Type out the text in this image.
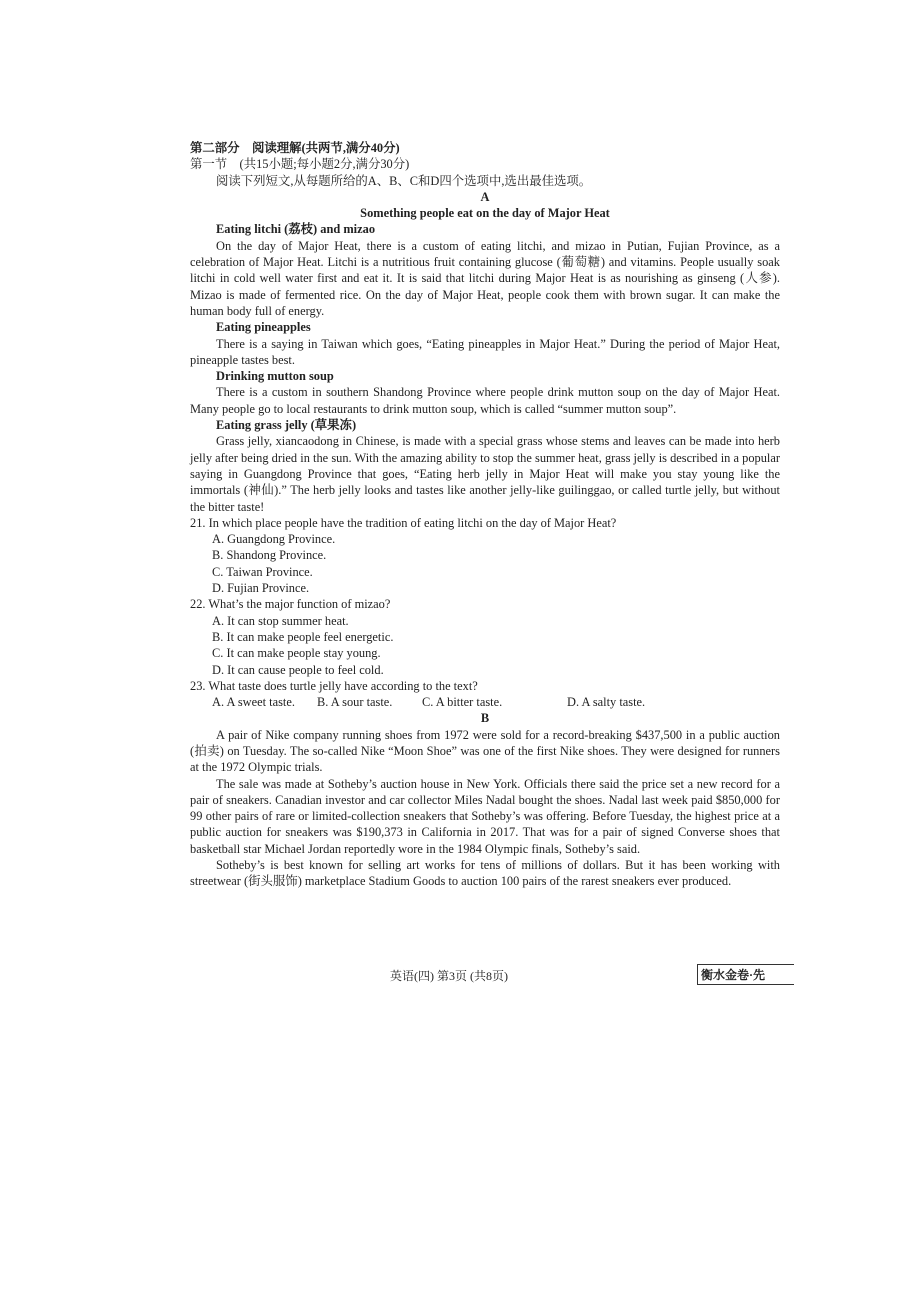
第二部分　阅读理解(共两节,满分40分)
第一节　(共15小题;每小题2分,满分30分)
阅读下列短文,从每题所给的A、B、C和D四个选项中,选出最佳选项。
A
Something people eat on the day of Major Heat
Eating litchi (荔枝) and mizao

On the day of Major Heat, there is a custom of eating litchi, and mizao in Putian, Fujian Province, as a celebration of Major Heat. Litchi is a nutritious fruit containing glucose (葡萄糖) and vitamins. People usually soak litchi in cold well water first and eat it. It is said that litchi during Major Heat is as nourishing as ginseng (人参). Mizao is made of fermented rice. On the day of Major Heat, people cook them with brown sugar. It can make the human body full of energy.

Eating pineapples

There is a saying in Taiwan which goes, “Eating pineapples in Major Heat.” During the period of Major Heat, pineapple tastes best.

Drinking mutton soup

There is a custom in southern Shandong Province where people drink mutton soup on the day of Major Heat. Many people go to local restaurants to drink mutton soup, which is called “summer mutton soup”.

Eating grass jelly (草果冻)

Grass jelly, xiancaodong in Chinese, is made with a special grass whose stems and leaves can be made into herb jelly after being dried in the sun. With the amazing ability to stop the summer heat, grass jelly is described in a popular saying in Guangdong Province that goes, “Eating herb jelly in Major Heat will make you stay young like the immortals (神仙).” The herb jelly looks and tastes like another jelly-like guilinggao, or called turtle jelly, but without the bitter taste!

21. In which place people have the tradition of eating litchi on the day of Major Heat?
A. Guangdong Province.
B. Shandong Province.
C. Taiwan Province.
D. Fujian Province.
22. What’s the major function of mizao?
A. It can stop summer heat.
B. It can make people feel energetic.
C. It can make people stay young.
D. It can cause people to feel cold.
23. What taste does turtle jelly have according to the text?
A. A sweet taste.	B. A sour taste.	C. A bitter taste.	D. A salty taste.
B

A pair of Nike company running shoes from 1972 were sold for a record-breaking $437,500 in a public auction (拍卖) on Tuesday. The so-called Nike “Moon Shoe” was one of the first Nike shoes. They were designed for runners at the 1972 Olympic trials.

The sale was made at Sotheby’s auction house in New York. Officials there said the price set a new record for a pair of sneakers. Canadian investor and car collector Miles Nadal bought the shoes. Nadal last week paid $850,000 for 99 other pairs of rare or limited-collection sneakers that Sotheby’s was offering. Before Tuesday, the highest price at a public auction for sneakers was $190,373 in California in 2017. That was for a pair of signed Converse shoes that basketball star Michael Jordan reportedly wore in the 1984 Olympic finals, Sotheby’s said.

Sotheby’s is best known for selling art works for tens of millions of dollars. But it has been working with streetwear (街头服饰) marketplace Stadium Goods to auction 100 pairs of the rarest sneakers ever produced.

英语(四) 第3页 (共8页)	衡水金卷·先
